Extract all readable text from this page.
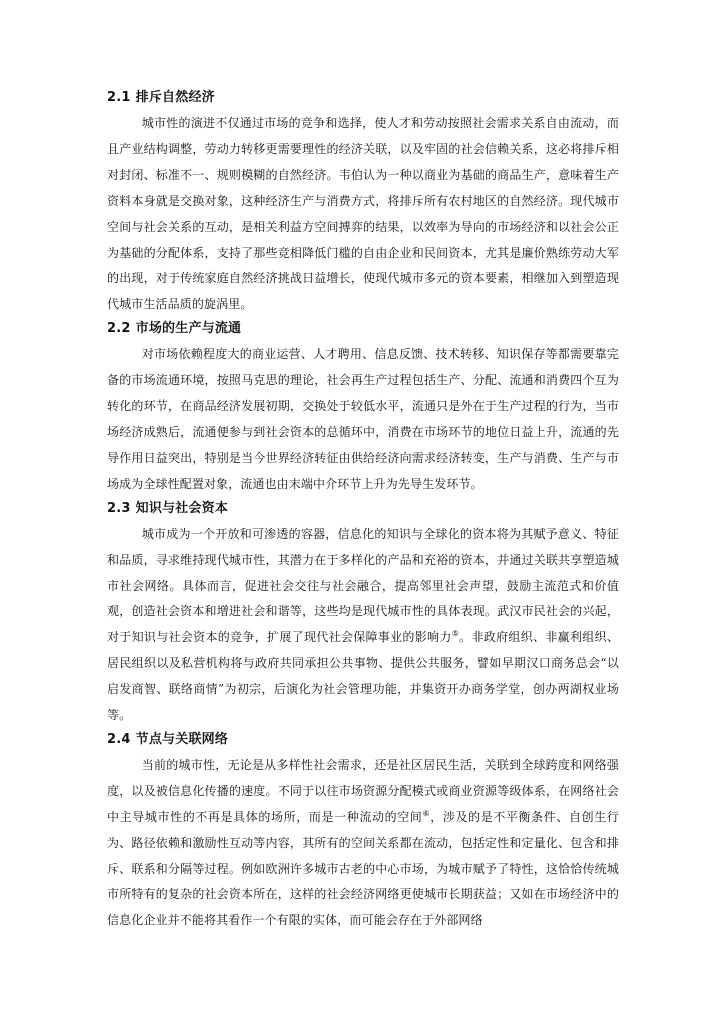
2.1 排斥自然经济

城市性的演进不仅通过市场的竞争和选择，使人才和劳动按照社会需求关系自由流动，而且产业结构调整，劳动力转移更需要理性的经济关联，以及牢固的社会信赖关系，这必将排斥相对封闭、标准不一、规则模糊的自然经济。韦伯认为一种以商业为基础的商品生产，意味着生产资料本身就是交换对象，这种经济生产与消费方式，将排斥所有农村地区的自然经济。现代城市空间与社会关系的互动，是相关利益方空间搏弈的结果，以效率为导向的市场经济和以社会公正为基础的分配体系，支持了那些竞相降低门槛的自由企业和民间资本，尤其是廉价熟练劳动大军的出现，对于传统家庭自然经济挑战日益增长，使现代城市多元的资本要素，相继加入到塑造现代城市生活品质的旋涡里。

2.2 市场的生产与流通

对市场依赖程度大的商业运营、人才聘用、信息反馈、技术转移、知识保存等都需要靠完备的市场流通环境，按照马克思的理论，社会再生产过程包括生产、分配、流通和消费四个互为转化的环节，在商品经济发展初期，交换处于较低水平，流通只是外在于生产过程的行为，当市场经济成熟后，流通便参与到社会资本的总循环中，消费在市场环节的地位日益上升，流通的先导作用日益突出，特别是当今世界经济转征由供给经济向需求经济转变，生产与消费、生产与市场成为全球性配置对象，流通也由末端中介环节上升为先导生发环节。

2.3 知识与社会资本

城市成为一个开放和可渗透的容器，信息化的知识与全球化的资本将为其赋予意义、特征和品质，寻求维持现代城市性，其潜力在于多样化的产品和充裕的资本，并通过关联共享塑造城市社会网络。具体而言，促进社会交往与社会融合，提高邻里社会声望，鼓励主流范式和价值观，创造社会资本和增进社会和谐等，这些均是现代城市性的具体表现。武汉市民社会的兴起，对于知识与社会资本的竞争，扩展了现代社会保障事业的影响力⑤。非政府组织、非赢利组织、居民组织以及私营机构将与政府共同承担公共事物、提供公共服务，譬如早期汉口商务总会“以启发商智、联络商情”为初宗，后演化为社会管理功能，并集资开办商务学堂，创办两湖权业场等。

2.4 节点与关联网络

当前的城市性，无论是从多样性社会需求，还是社区居民生活，关联到全球跨度和网络强度，以及被信息化传播的速度。不同于以往市场资源分配模式或商业资源等级体系，在网络社会中主导城市性的不再是具体的场所，而是一种流动的空间⑥，涉及的是不平衡条件、自创生行为、路径依赖和激励性互动等内容，其所有的空间关系都在流动，包括定性和定量化、包含和排斥、联系和分隔等过程。例如欧洲许多城市古老的中心市场，为城市赋予了特性，这恰恰传统城市所特有的复杂的社会资本所在，这样的社会经济网络更使城市长期获益；又如在市场经济中的信息化企业并不能将其看作一个有限的实体，而可能会存在于外部网络
